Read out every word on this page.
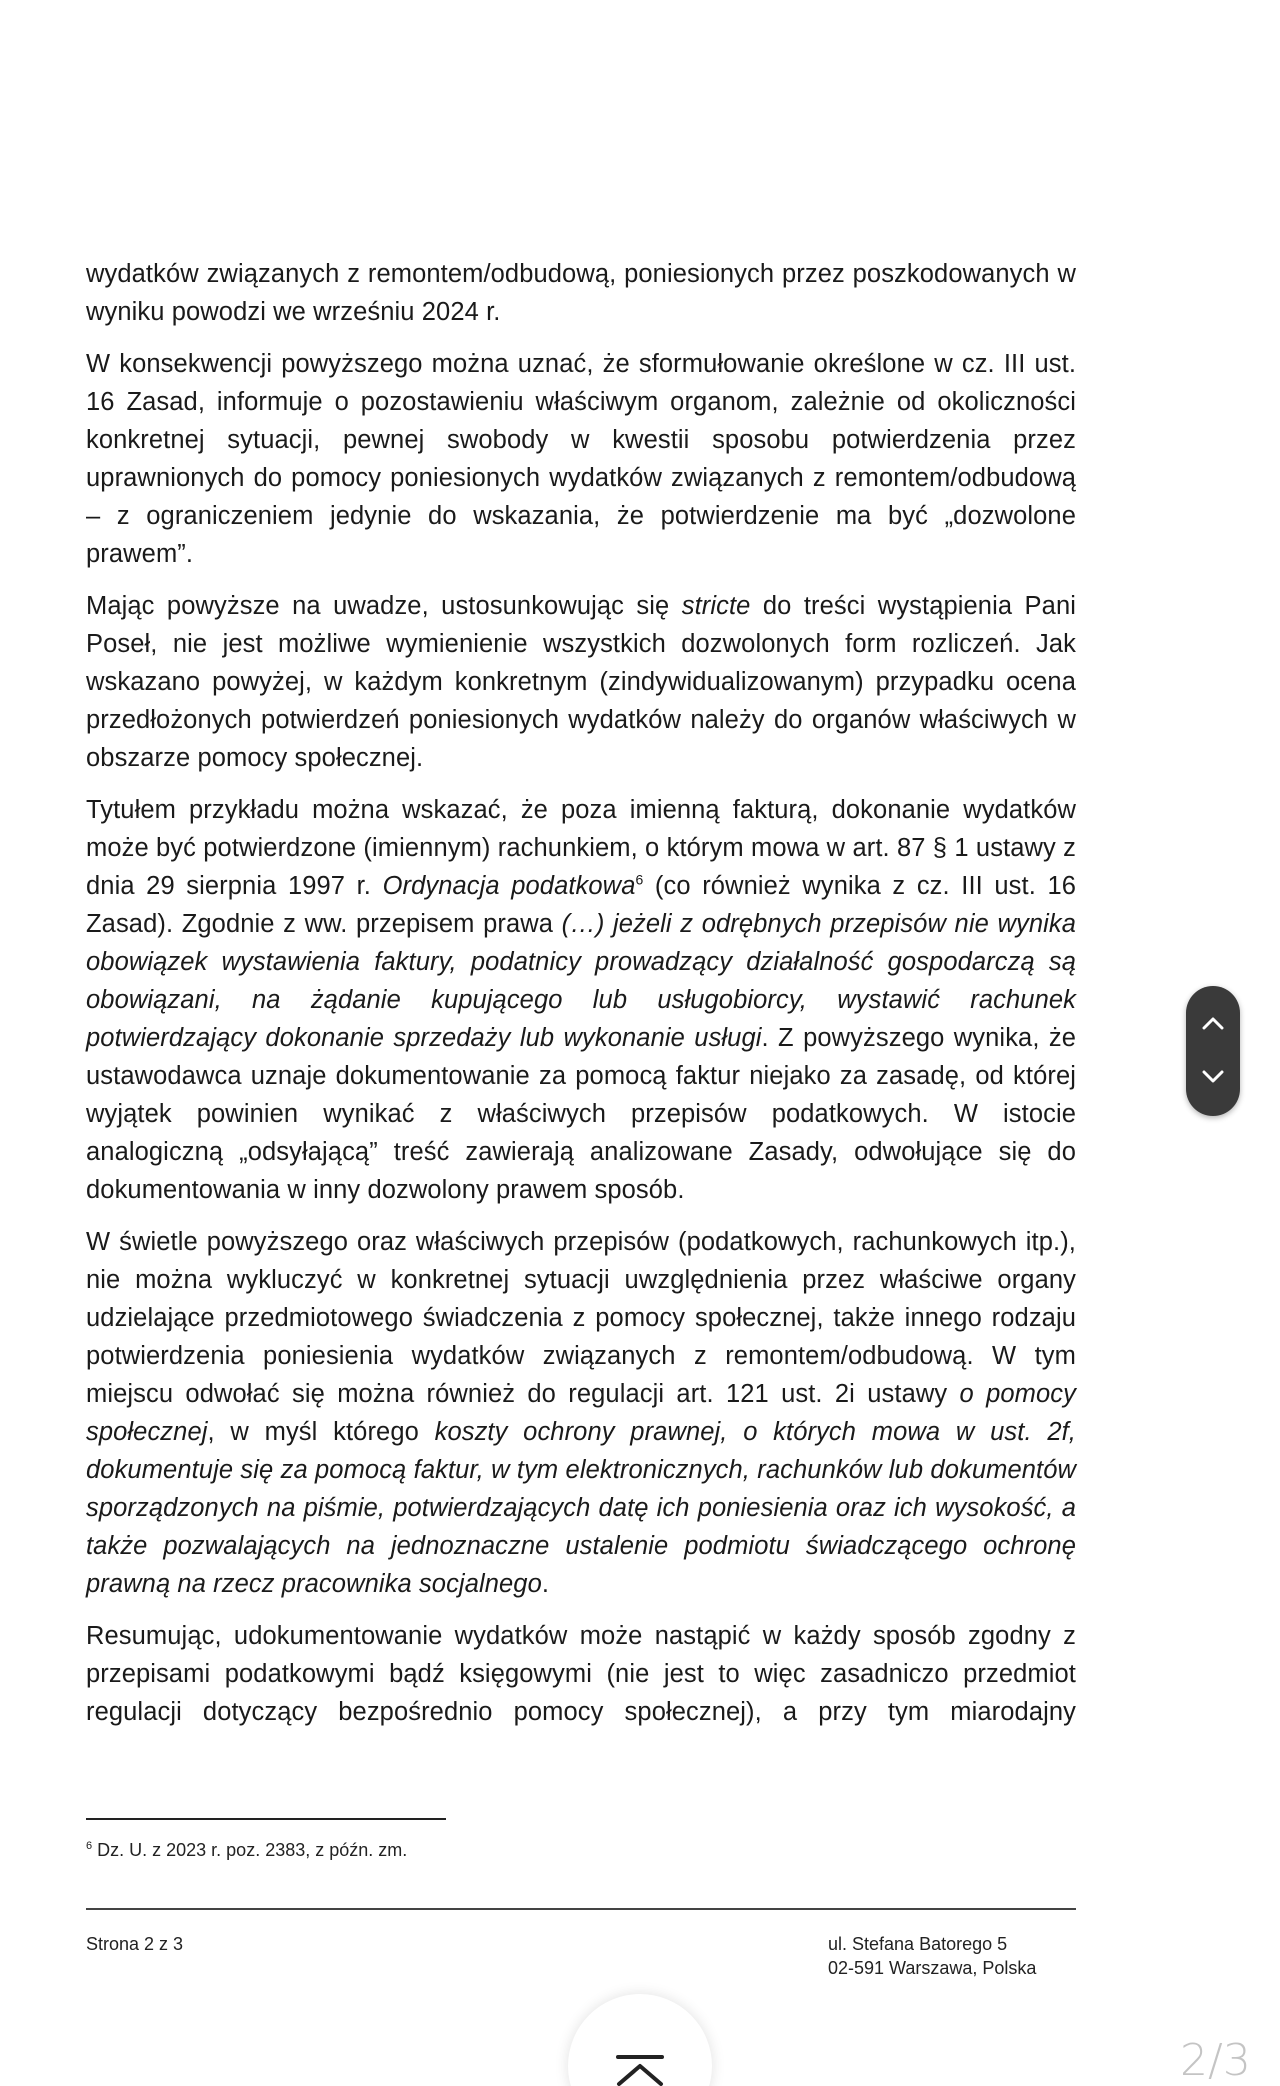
wydatków związanych z remontem/odbudową, poniesionych przez poszkodowanych w wyniku powodzi we wrześniu 2024 r.

W konsekwencji powyższego można uznać, że sformułowanie określone w cz. III ust. 16 Zasad, informuje o pozostawieniu właściwym organom, zależnie od okoliczności konkretnej sytuacji, pewnej swobody w kwestii sposobu potwierdzenia przez uprawnionych do pomocy poniesionych wydatków związanych z remontem/odbudową – z ograniczeniem jedynie do wskazania, że potwierdzenie ma być „dozwolone prawem”.

Mając powyższe na uwadze, ustosunkowując się stricte do treści wystąpienia Pani Poseł, nie jest możliwe wymienienie wszystkich dozwolonych form rozliczeń. Jak wskazano powyżej, w każdym konkretnym (zindywidualizowanym) przypadku ocena przedłożonych potwierdzeń poniesionych wydatków należy do organów właściwych w obszarze pomocy społecznej.

Tytułem przykładu można wskazać, że poza imienną fakturą, dokonanie wydatków może być potwierdzone (imiennym) rachunkiem, o którym mowa w art. 87 § 1 ustawy z dnia 29 sierpnia 1997 r. Ordynacja podatkowa$^6$ (co również wynika z cz. III ust. 16 Zasad). Zgodnie z ww. przepisem prawa (…) jeżeli z odrębnych przepisów nie wynika obowiązek wystawienia faktury, podatnicy prowadzący działalność gospodarczą są obowiązani, na żądanie kupującego lub usługobiorcy, wystawić rachunek potwierdzający dokonanie sprzedaży lub wykonanie usługi. Z powyższego wynika, że ustawodawca uznaje dokumentowanie za pomocą faktur niejako za zasadę, od której wyjątek powinien wynikać z właściwych przepisów podatkowych. W istocie analogiczną „odsyłającą” treść zawierają analizowane Zasady, odwołujące się do dokumentowania w inny dozwolony prawem sposób.

W świetle powyższego oraz właściwych przepisów (podatkowych, rachunkowych itp.), nie można wykluczyć w konkretnej sytuacji uwzględnienia przez właściwe organy udzielające przedmiotowego świadczenia z pomocy społecznej, także innego rodzaju potwierdzenia poniesienia wydatków związanych z remontem/odbudową. W tym miejscu odwołać się można również do regulacji art. 121 ust. 2i ustawy o pomocy społecznej, w myśl którego koszty ochrony prawnej, o których mowa w ust. 2f, dokumentuje się za pomocą faktur, w tym elektronicznych, rachunków lub dokumentów sporządzonych na piśmie, potwierdzających datę ich poniesienia oraz ich wysokość, a także pozwalających na jednoznaczne ustalenie podmiotu świadczącego ochronę prawną na rzecz pracownika socjalnego.

Resumując, udokumentowanie wydatków może nastąpić w każdy sposób zgodny z przepisami podatkowymi bądź księgowymi (nie jest to więc zasadniczo przedmiot regulacji dotyczący bezpośrednio pomocy społecznej), a przy tym miarodajny

$^6$ Dz. U. z 2023 r. poz. 2383, z późn. zm.
Strona 2 z 3	ul. Stefana Batorego 5
02-591 Warszawa, Polska
2/3
